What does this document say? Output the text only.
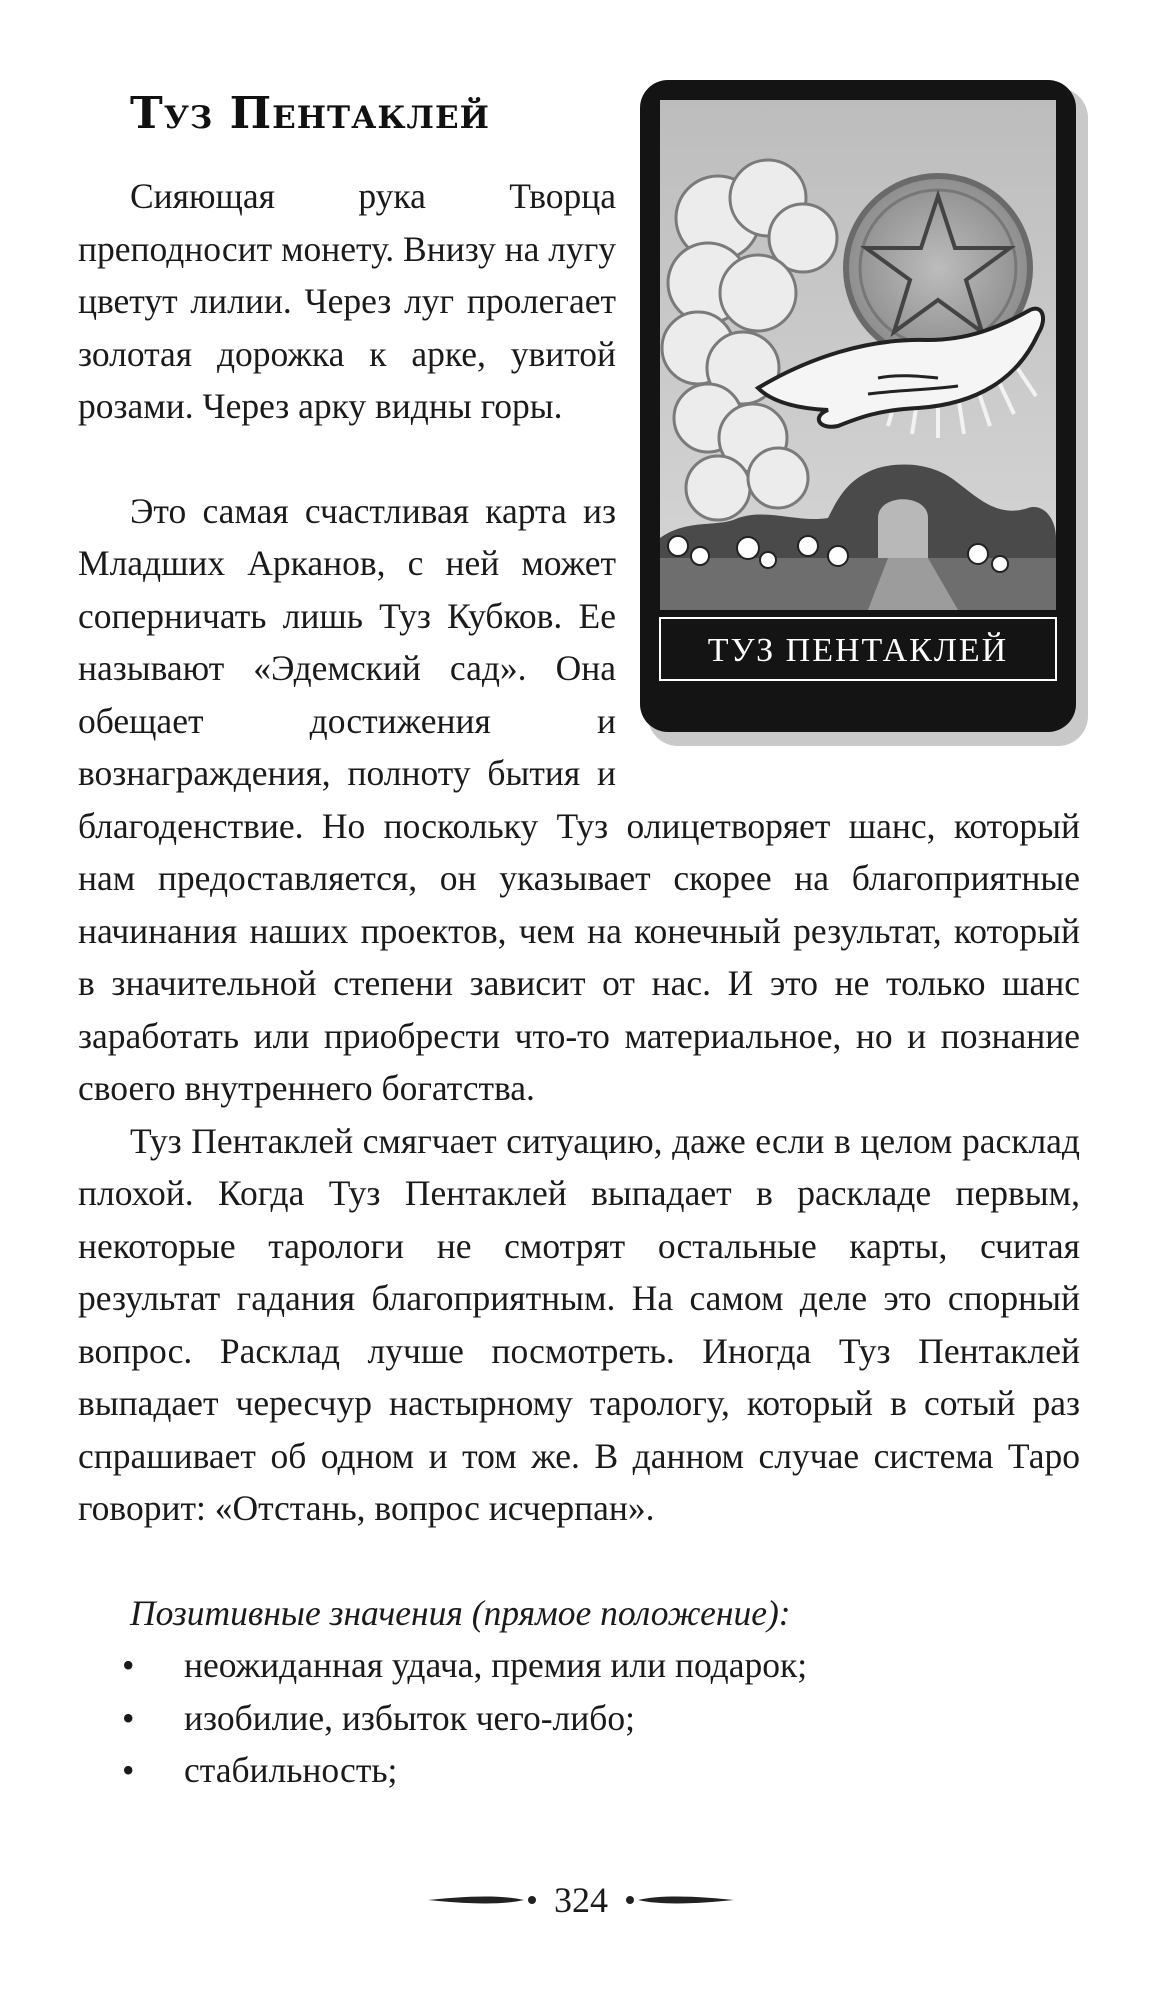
Туз Пентаклей
ТУЗ ПЕНТАКЛЕЙ

Сияющая рука Творца преподносит монету. Внизу на лугу цветут лилии. Через луг пролегает золотая дорожка к арке, увитой розами. Через арку видны горы.

Это самая счастливая карта из Младших Арканов, с ней может соперничать лишь Туз Кубков. Ее называют «Эдемский сад». Она обещает достижения и вознаграждения, полноту бытия и благоденствие. Но поскольку Туз олицетворяет шанс, который нам предоставляется, он указывает скорее на благоприятные начинания наших проектов, чем на конечный результат, который в значительной степени зависит от нас. И это не только шанс заработать или приобрести что-то материальное, но и познание своего внутреннего богатства.

Туз Пентаклей смягчает ситуацию, даже если в целом расклад плохой. Когда Туз Пентаклей выпадает в раскладе первым, некоторые тарологи не смотрят остальные карты, считая результат гадания благоприятным. На самом деле это спорный вопрос. Расклад лучше посмотреть. Иногда Туз Пентаклей выпадает чересчур настырному тарологу, который в сотый раз спрашивает об одном и том же. В данном случае система Таро говорит: «Отстань, вопрос исчерпан».

Позитивные значения (прямое положение):

• неожиданная удача, премия или подарок;
• изобилие, избыток чего-либо;
• стабильность;
324
